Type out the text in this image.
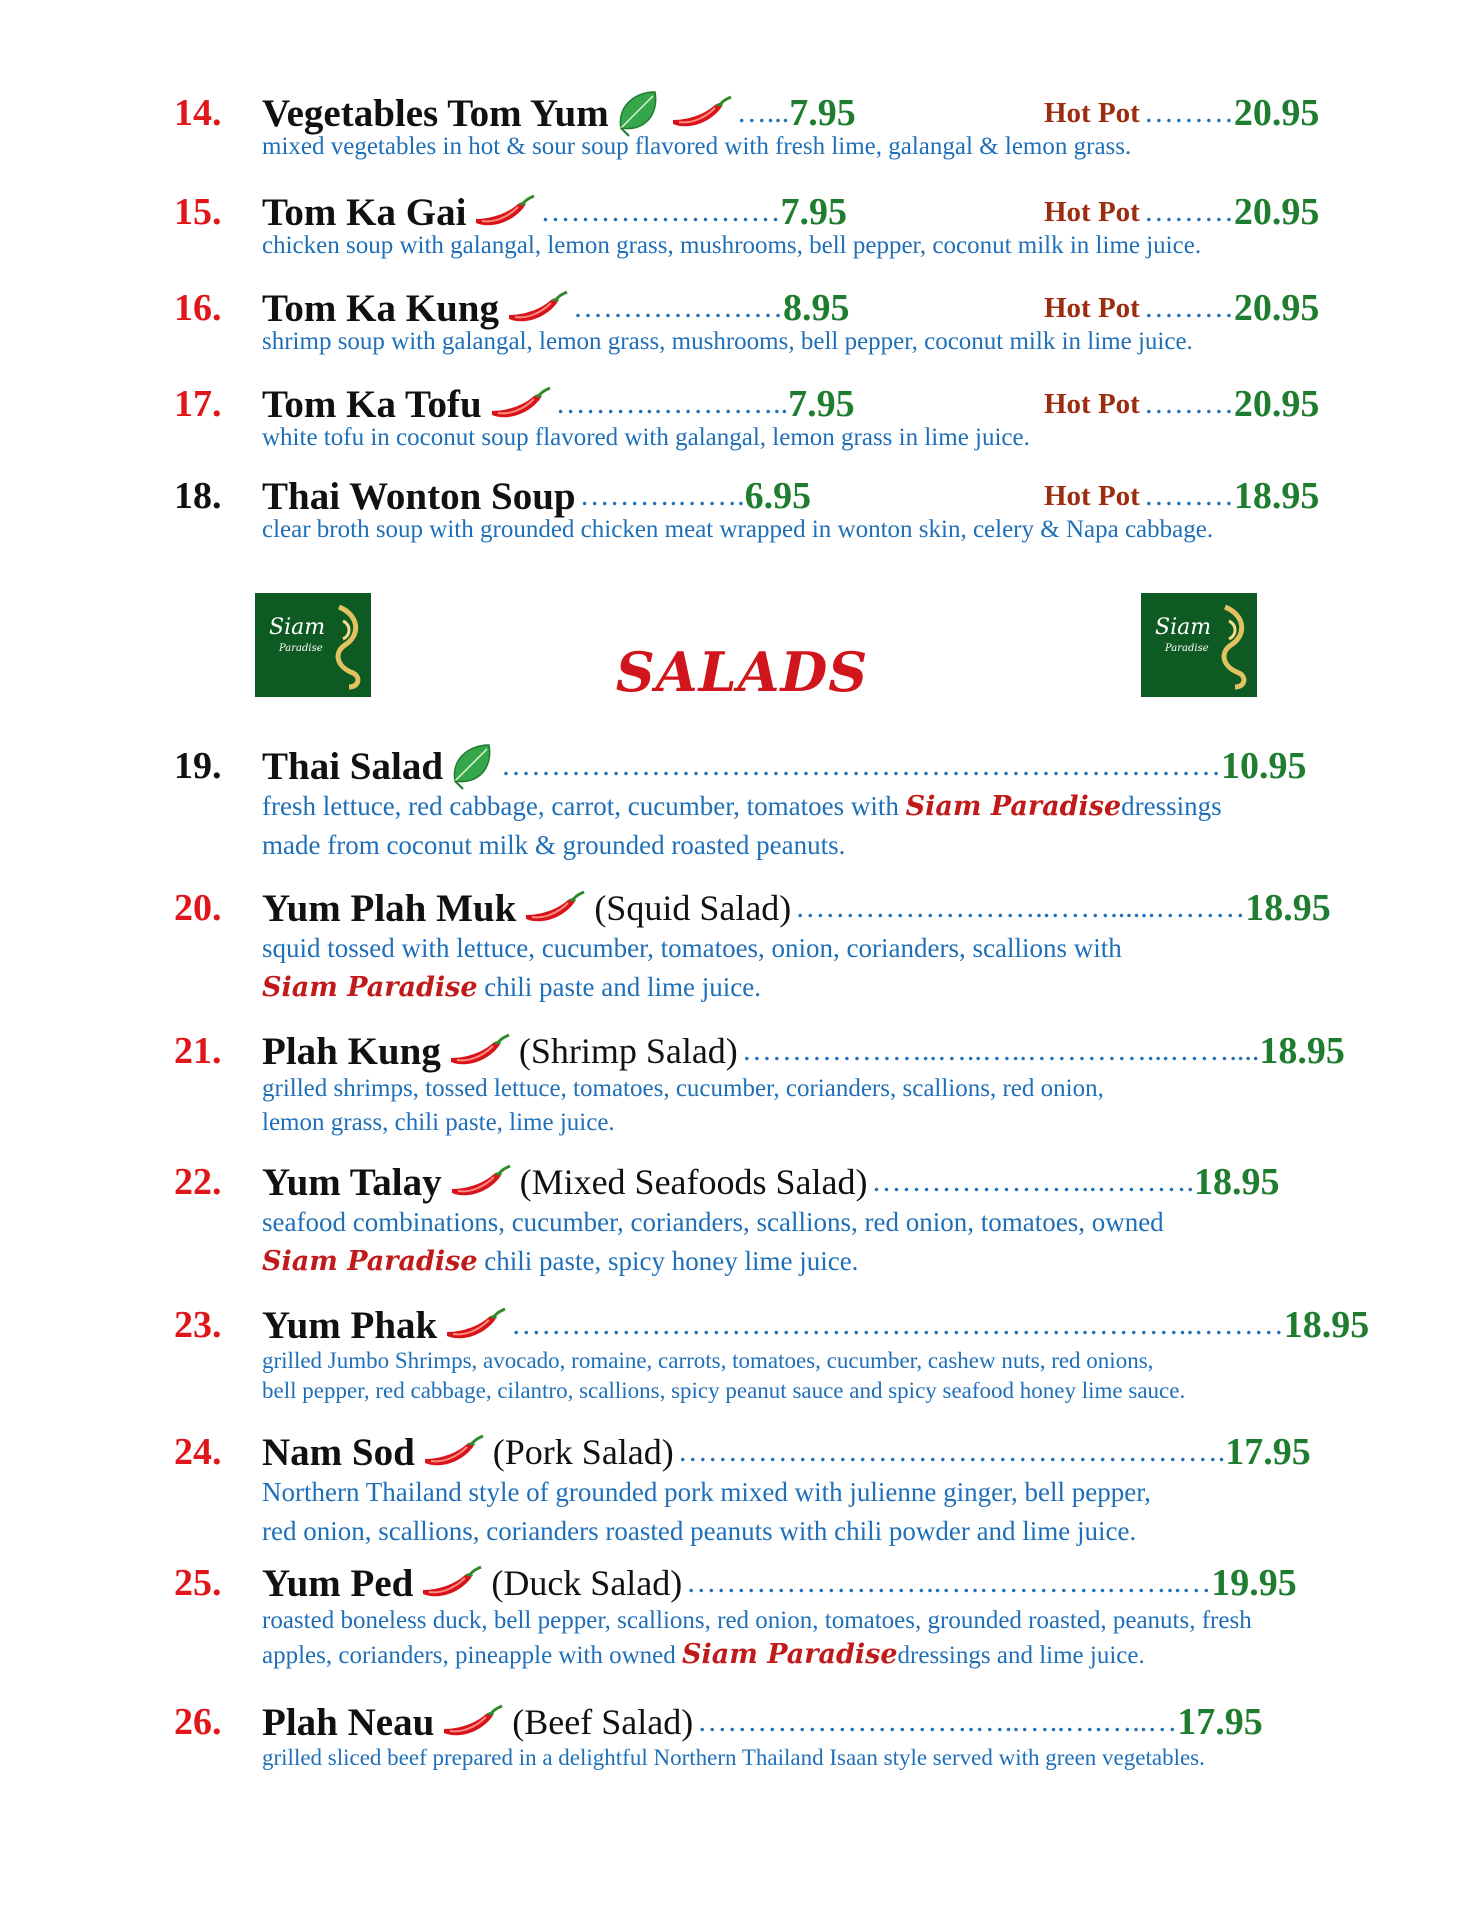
14. Vegetables Tom Yum	…... 7.95	Hot Pot ……… 20.95
mixed vegetables in hot & sour soup flavored with fresh lime, galangal & lemon grass.
15. Tom Ka Gai …………………… 7.95	Hot Pot ……… 20.95
chicken soup with galangal, lemon grass, mushrooms, bell pepper, coconut milk in lime juice.
16. Tom Ka Kung ………………… 8.95	Hot Pot ……… 20.95
shrimp soup with galangal, lemon grass, mushrooms, bell pepper, coconut milk in lime juice.
17. Tom Ka Tofu ……….………….. 7.95	Hot Pot ……… 20.95
white tofu in coconut soup flavored with galangal, lemon grass in lime juice.
18. Thai Wonton Soup ……….……. 6.95	Hot Pot ……… 18.95
clear broth soup with grounded chicken meat wrapped in wonton skin, celery & Napa cabbage.
Siam
Paradise
Siam
Paradise
SALADS
19. Thai Salad ……………………………………………………………… 10.95
fresh lettuce, red cabbage, carrot, cucumber, tomatoes with Siam Paradisedressings
made from coconut milk & grounded roasted peanuts.
20. Yum Plah Muk (Squid Salad) ……………………..……......……… 18.95
squid tossed with lettuce, cucumber, tomatoes, onion, corianders, scallions with
Siam Paradise chili paste and lime juice.
21. Plah Kung (Shrimp Salad) ………………..…..…..…………...…….... 18.95
grilled shrimps, tossed lettuce, tomatoes, cucumber, corianders, scallions, red onion,
lemon grass, chili paste, lime juice.
22. Yum Talay (Mixed Seafoods Salad) …………………..………. 18.95
seafood combinations, cucumber, corianders, scallions, red onion, tomatoes, owned
Siam Paradise chili paste, spicy honey lime juice.
23. Yum Phak ………………………………………………….………..……… 18.95
grilled Jumbo Shrimps, avocado, romaine, carrots, tomatoes, cucumber, cashew nuts, red onions,
bell pepper, red cabbage, cilantro, scallions, spicy peanut sauce and spicy seafood honey lime sauce.
24. Nam Sod (Pork Salad) ………………………………………………. 17.95
Northern Thailand style of grounded pork mixed with julienne ginger, bell pepper,
red onion, scallions, corianders roasted peanuts with chili powder and lime juice.
25. Yum Ped (Duck Salad) ……………………..….………….……..… 19.95
roasted boneless duck, bell pepper, scallions, red onion, tomatoes, grounded roasted, peanuts, fresh
apples, corianders, pineapple with owned Siam Paradisedressings and lime juice.
26. Plah Neau (Beef Salad) ……………………….…..…..….…..… 17.95
grilled sliced beef prepared in a delightful Northern Thailand Isaan style served with green vegetables.
